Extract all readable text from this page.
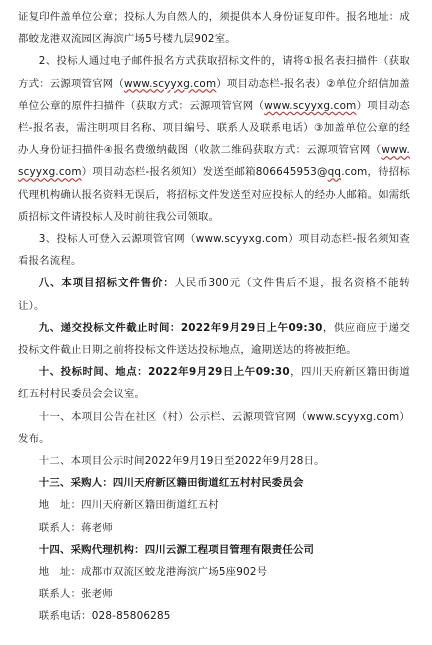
证复印件盖单位公章；投标人为自然人的，须提供本人身份证复印件。报名地址：成都蛟龙港双流园区海滨广场5号楼九层902室。

2、投标人通过电子邮件报名方式获取招标文件的，请将①报名表扫描件（获取方式：云源项管官网（www.scyyxg.com）项目动态栏-报名表）②单位介绍信加盖单位公章的原件扫描件（获取方式：云源项管官网（www.scyyxg.com）项目动态栏-报名表，需注明项目名称、项目编号、联系人及联系电话）③加盖单位公章的经办人身份证扫描件④报名费缴纳截图（收款二维码获取方式：云源项管官网（www.scyyxg.com）项目动态栏-报名须知）发送至邮箱806645953@qq.com，待招标代理机构确认报名资料无误后，将招标文件发送至对应投标人的经办人邮箱。如需纸质招标文件请投标人及时前往我公司领取。

3、投标人可登入云源项管官网（www.scyyxg.com）项目动态栏-报名须知查看报名流程。

八、本项目招标文件售价：人民币300元（文件售后不退，报名资格不能转让）。

九、递交投标文件截止时间：2022年9月29日上午09:30，供应商应于递交投标文件截止日期之前将投标文件送达投标地点，逾期送达的将被拒绝。

十、投标时间、地点：2022年9月29日上午09:30，四川天府新区籍田街道红五村村民委员会会议室。

十一、本项目公告在社区（村）公示栏、云源项管官网（www.scyyxg.com）发布。

十二、本项目公示时间2022年9月19日至2022年9月28日。

十三、采购人：四川天府新区籍田街道红五村村民委员会

地　址：四川天府新区籍田街道红五村

联系人：蒋老师

十四、采购代理机构：四川云源工程项目管理有限责任公司

地　址：成都市双流区蛟龙港海滨广场5座902号

联系人：张老师

联系电话：028-85806285
